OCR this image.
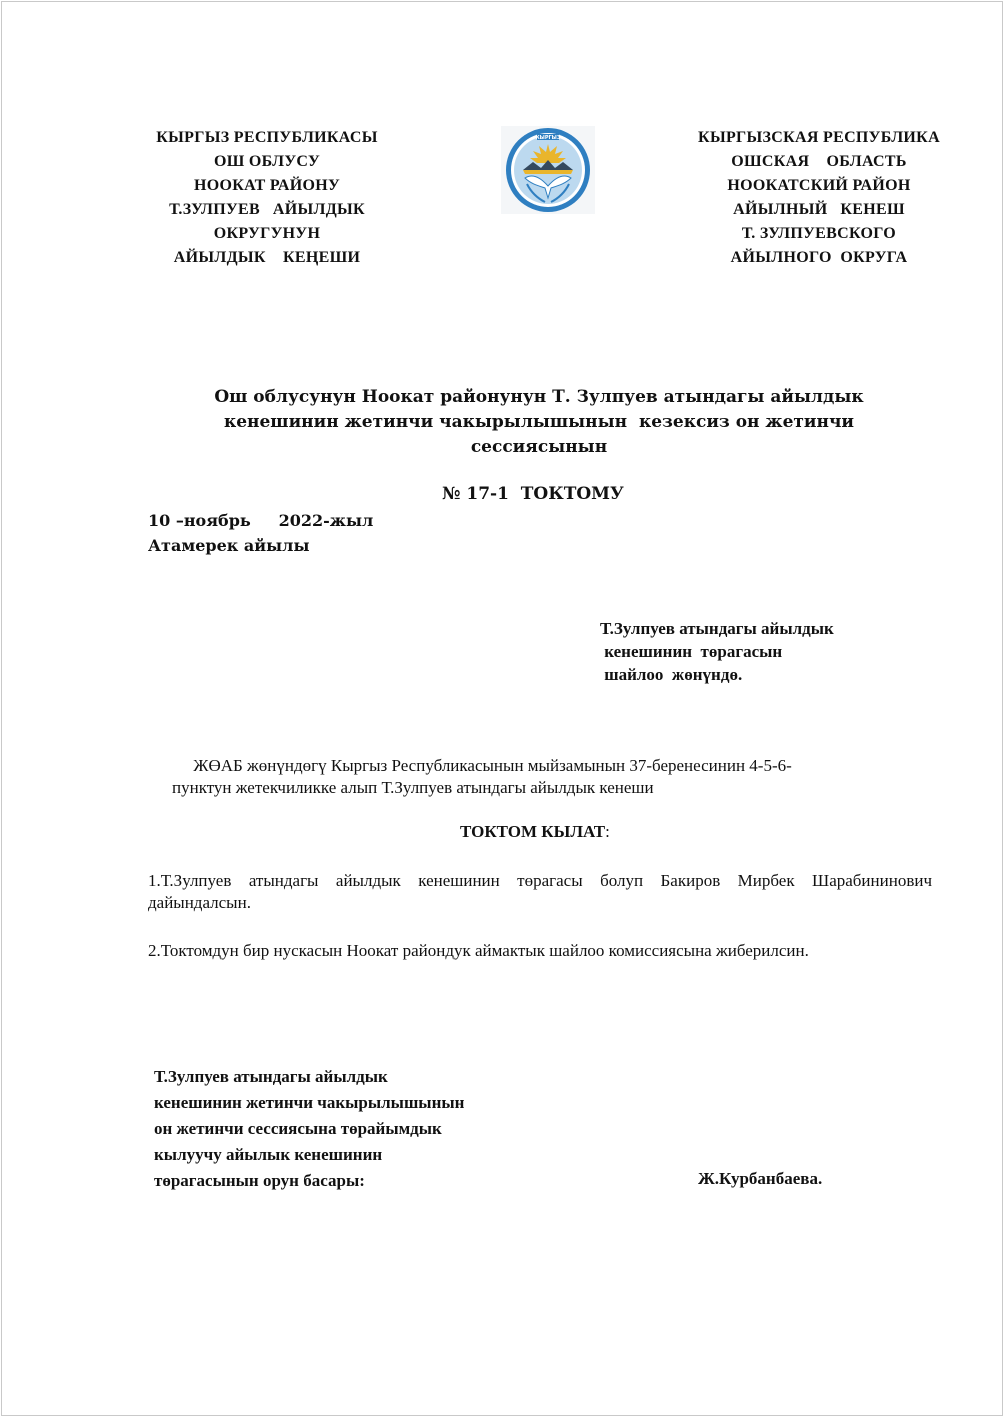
КЫРГЫЗ РЕСПУБЛИКАСЫ
ОШ ОБЛУСУ
НООКАТ РАЙОНУ
Т.ЗУЛПУЕВ   АЙЫЛДЫК
ОКРУГУНУН
АЙЫЛДЫК    КЕҢЕШИ
КЫРГЫЗ	КЫРГЫЗСКАЯ РЕСПУБЛИКА
ОШСКАЯ    ОБЛАСТЬ
НООКАТСКИЙ РАЙОН
АЙЫЛНЫЙ   КЕНЕШ
Т. ЗУЛПУЕВСКОГО
АЙЫЛНОГО  ОКРУГА
Ош облусунун Ноокат районунун Т. Зулпуев атындагы айылдык
кенешинин жетинчи чакырылышынын  кезексиз он жетинчи
сессиясынын
№ 17-1  ТОКТОМУ
10 –ноябрь     2022-жыл
Атамерек айылы
Т.Зулпуев атындагы айылдык
кенешинин  төрагасын
шайлоо  жөнүндө.
ЖӨАБ жөнүндөгү Кыргыз Республикасынын мыйзамынын 37-беренесинин 4-5-6-
пунктун жетекчиликке алып Т.Зулпуев атындагы айылдык кенеши
ТОКТОМ КЫЛАТ:
1.Т.Зулпуев атындагы айылдык кенешинин төрагасы болуп Бакиров Мирбек Шарабининович дайындалсын.
2.Токтомдун бир нускасын Ноокат райондук аймактык шайлоо комиссиясына жиберилсин.
Т.Зулпуев атындагы айылдык
кенешинин жетинчи чакырылышынын
он жетинчи сессиясына төрайымдык
кылуучу айылык кенешинин
төрагасынын орун басары:	Ж.Курбанбаева.
